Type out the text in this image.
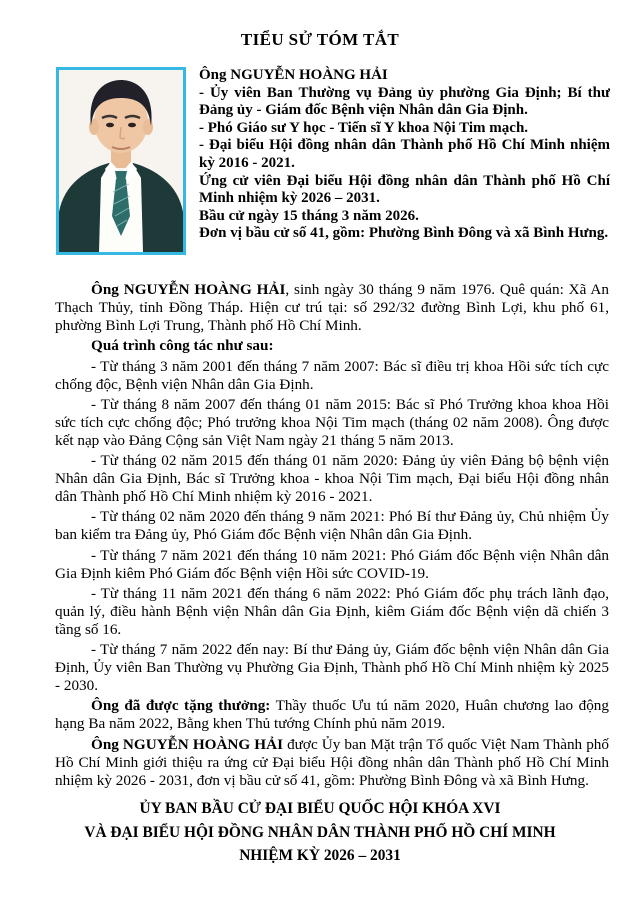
TIỂU SỬ TÓM TẮT

Ông NGUYỄN HOÀNG HẢI

- Ủy viên Ban Thường vụ Đảng ủy phường Gia Định; Bí thư Đảng ủy - Giám đốc Bệnh viện Nhân dân Gia Định.

- Phó Giáo sư Y học - Tiến sĩ Y khoa Nội Tim mạch.

- Đại biểu Hội đồng nhân dân Thành phố Hồ Chí Minh nhiệm kỳ 2016 - 2021.

Ứng cử viên Đại biểu Hội đồng nhân dân Thành phố Hồ Chí Minh nhiệm kỳ 2026 – 2031.

Bầu cử ngày 15 tháng 3 năm 2026.

Đơn vị bầu cử số 41, gồm: Phường Bình Đông và xã Bình Hưng.

Ông NGUYỄN HOÀNG HẢI, sinh ngày 30 tháng 9 năm 1976. Quê quán: Xã An Thạch Thủy, tỉnh Đồng Tháp. Hiện cư trú tại: số 292/32 đường Bình Lợi, khu phố 61, phường Bình Lợi Trung, Thành phố Hồ Chí Minh.

Quá trình công tác như sau:

- Từ tháng 3 năm 2001 đến tháng 7 năm 2007: Bác sĩ điều trị khoa Hồi sức tích cực chống độc, Bệnh viện Nhân dân Gia Định.

- Từ tháng 8 năm 2007 đến tháng 01 năm 2015: Bác sĩ Phó Trưởng khoa khoa Hồi sức tích cực chống độc; Phó trưởng khoa Nội Tim mạch (tháng 02 năm 2008). Ông được kết nạp vào Đảng Cộng sản Việt Nam ngày 21 tháng 5 năm 2013.

- Từ tháng 02 năm 2015 đến tháng 01 năm 2020: Đảng ủy viên Đảng bộ bệnh viện Nhân dân Gia Định, Bác sĩ Trưởng khoa - khoa Nội Tim mạch, Đại biểu Hội đồng nhân dân Thành phố Hồ Chí Minh nhiệm kỳ 2016 - 2021.

- Từ tháng 02 năm 2020 đến tháng 9 năm 2021: Phó Bí thư Đảng ủy, Chủ nhiệm Ủy ban kiểm tra Đảng ủy, Phó Giám đốc Bệnh viện Nhân dân Gia Định.

- Từ tháng 7 năm 2021 đến tháng 10 năm 2021: Phó Giám đốc Bệnh viện Nhân dân Gia Định kiêm Phó Giám đốc Bệnh viện Hồi sức COVID-19.

- Từ tháng 11 năm 2021 đến tháng 6 năm 2022: Phó Giám đốc phụ trách lãnh đạo, quản lý, điều hành Bệnh viện Nhân dân Gia Định, kiêm Giám đốc Bệnh viện dã chiến 3 tầng số 16.

- Từ tháng 7 năm 2022 đến nay: Bí thư Đảng ủy, Giám đốc bệnh viện Nhân dân Gia Định, Ủy viên Ban Thường vụ Phường Gia Định, Thành phố Hồ Chí Minh nhiệm kỳ 2025 - 2030.

Ông đã được tặng thưởng: Thầy thuốc Ưu tú năm 2020, Huân chương lao động hạng Ba năm 2022, Bằng khen Thủ tướng Chính phủ năm 2019.

Ông NGUYỄN HOÀNG HẢI được Ủy ban Mặt trận Tổ quốc Việt Nam Thành phố Hồ Chí Minh giới thiệu ra ứng cử Đại biểu Hội đồng nhân dân Thành phố Hồ Chí Minh nhiệm kỳ 2026 - 2031, đơn vị bầu cử số 41, gồm: Phường Bình Đông và xã Bình Hưng.

ỦY BAN BẦU CỬ ĐẠI BIỂU QUỐC HỘI KHÓA XVI
VÀ ĐẠI BIỂU HỘI ĐỒNG NHÂN DÂN THÀNH PHỐ HỒ CHÍ MINH
NHIỆM KỲ 2026 – 2031
